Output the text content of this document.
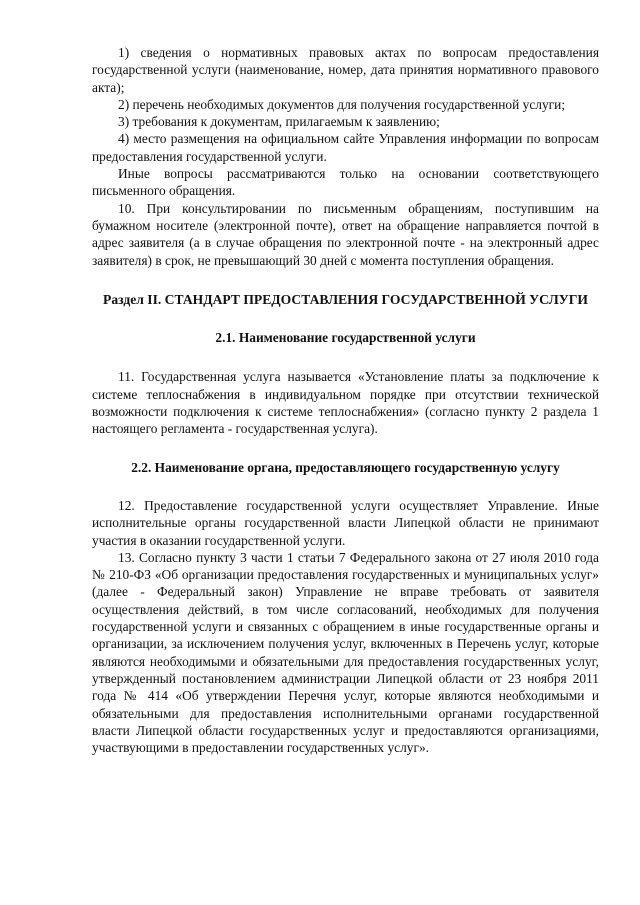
1) сведения о нормативных правовых актах по вопросам предоставления государственной услуги (наименование, номер, дата принятия нормативного правового акта);

2) перечень необходимых документов для получения государственной услуги;

3) требования к документам, прилагаемым к заявлению;

4) место размещения на официальном сайте Управления информации по вопросам предоставления государственной услуги.

Иные вопросы рассматриваются только на основании соответствующего письменного обращения.

10. При консультировании по письменным обращениям, поступившим на бумажном носителе (электронной почте), ответ на обращение направляется почтой в адрес заявителя (а в случае обращения по электронной почте - на электронный адрес заявителя) в срок, не превышающий 30 дней с момента поступления обращения.

Раздел II. СТАНДАРТ ПРЕДОСТАВЛЕНИЯ ГОСУДАРСТВЕННОЙ УСЛУГИ
2.1. Наименование государственной услуги

11. Государственная услуга называется «Установление платы за подключение к системе теплоснабжения в индивидуальном порядке при отсутствии технической возможности подключения к системе теплоснабжения» (согласно пункту 2 раздела 1 настоящего регламента - государственная услуга).

2.2. Наименование органа, предоставляющего государственную услугу

12. Предоставление государственной услуги осуществляет Управление. Иные исполнительные органы государственной власти Липецкой области не принимают участия в оказании государственной услуги.

13. Согласно пункту 3 части 1 статьи 7 Федерального закона от 27 июля 2010 года № 210-ФЗ «Об организации предоставления государственных и муниципальных услуг» (далее - Федеральный закон) Управление не вправе требовать от заявителя осуществления действий, в том числе согласований, необходимых для получения государственной услуги и связанных с обращением в иные государственные органы и организации, за исключением получения услуг, включенных в Перечень услуг, которые являются необходимыми и обязательными для предоставления государственных услуг, утвержденный постановлением администрации Липецкой области от 23 ноября 2011 года № 414 «Об утверждении Перечня услуг, которые являются необходимыми и обязательными для предоставления исполнительными органами государственной власти Липецкой области государственных услуг и предоставляются организациями, участвующими в предоставлении государственных услуг».
